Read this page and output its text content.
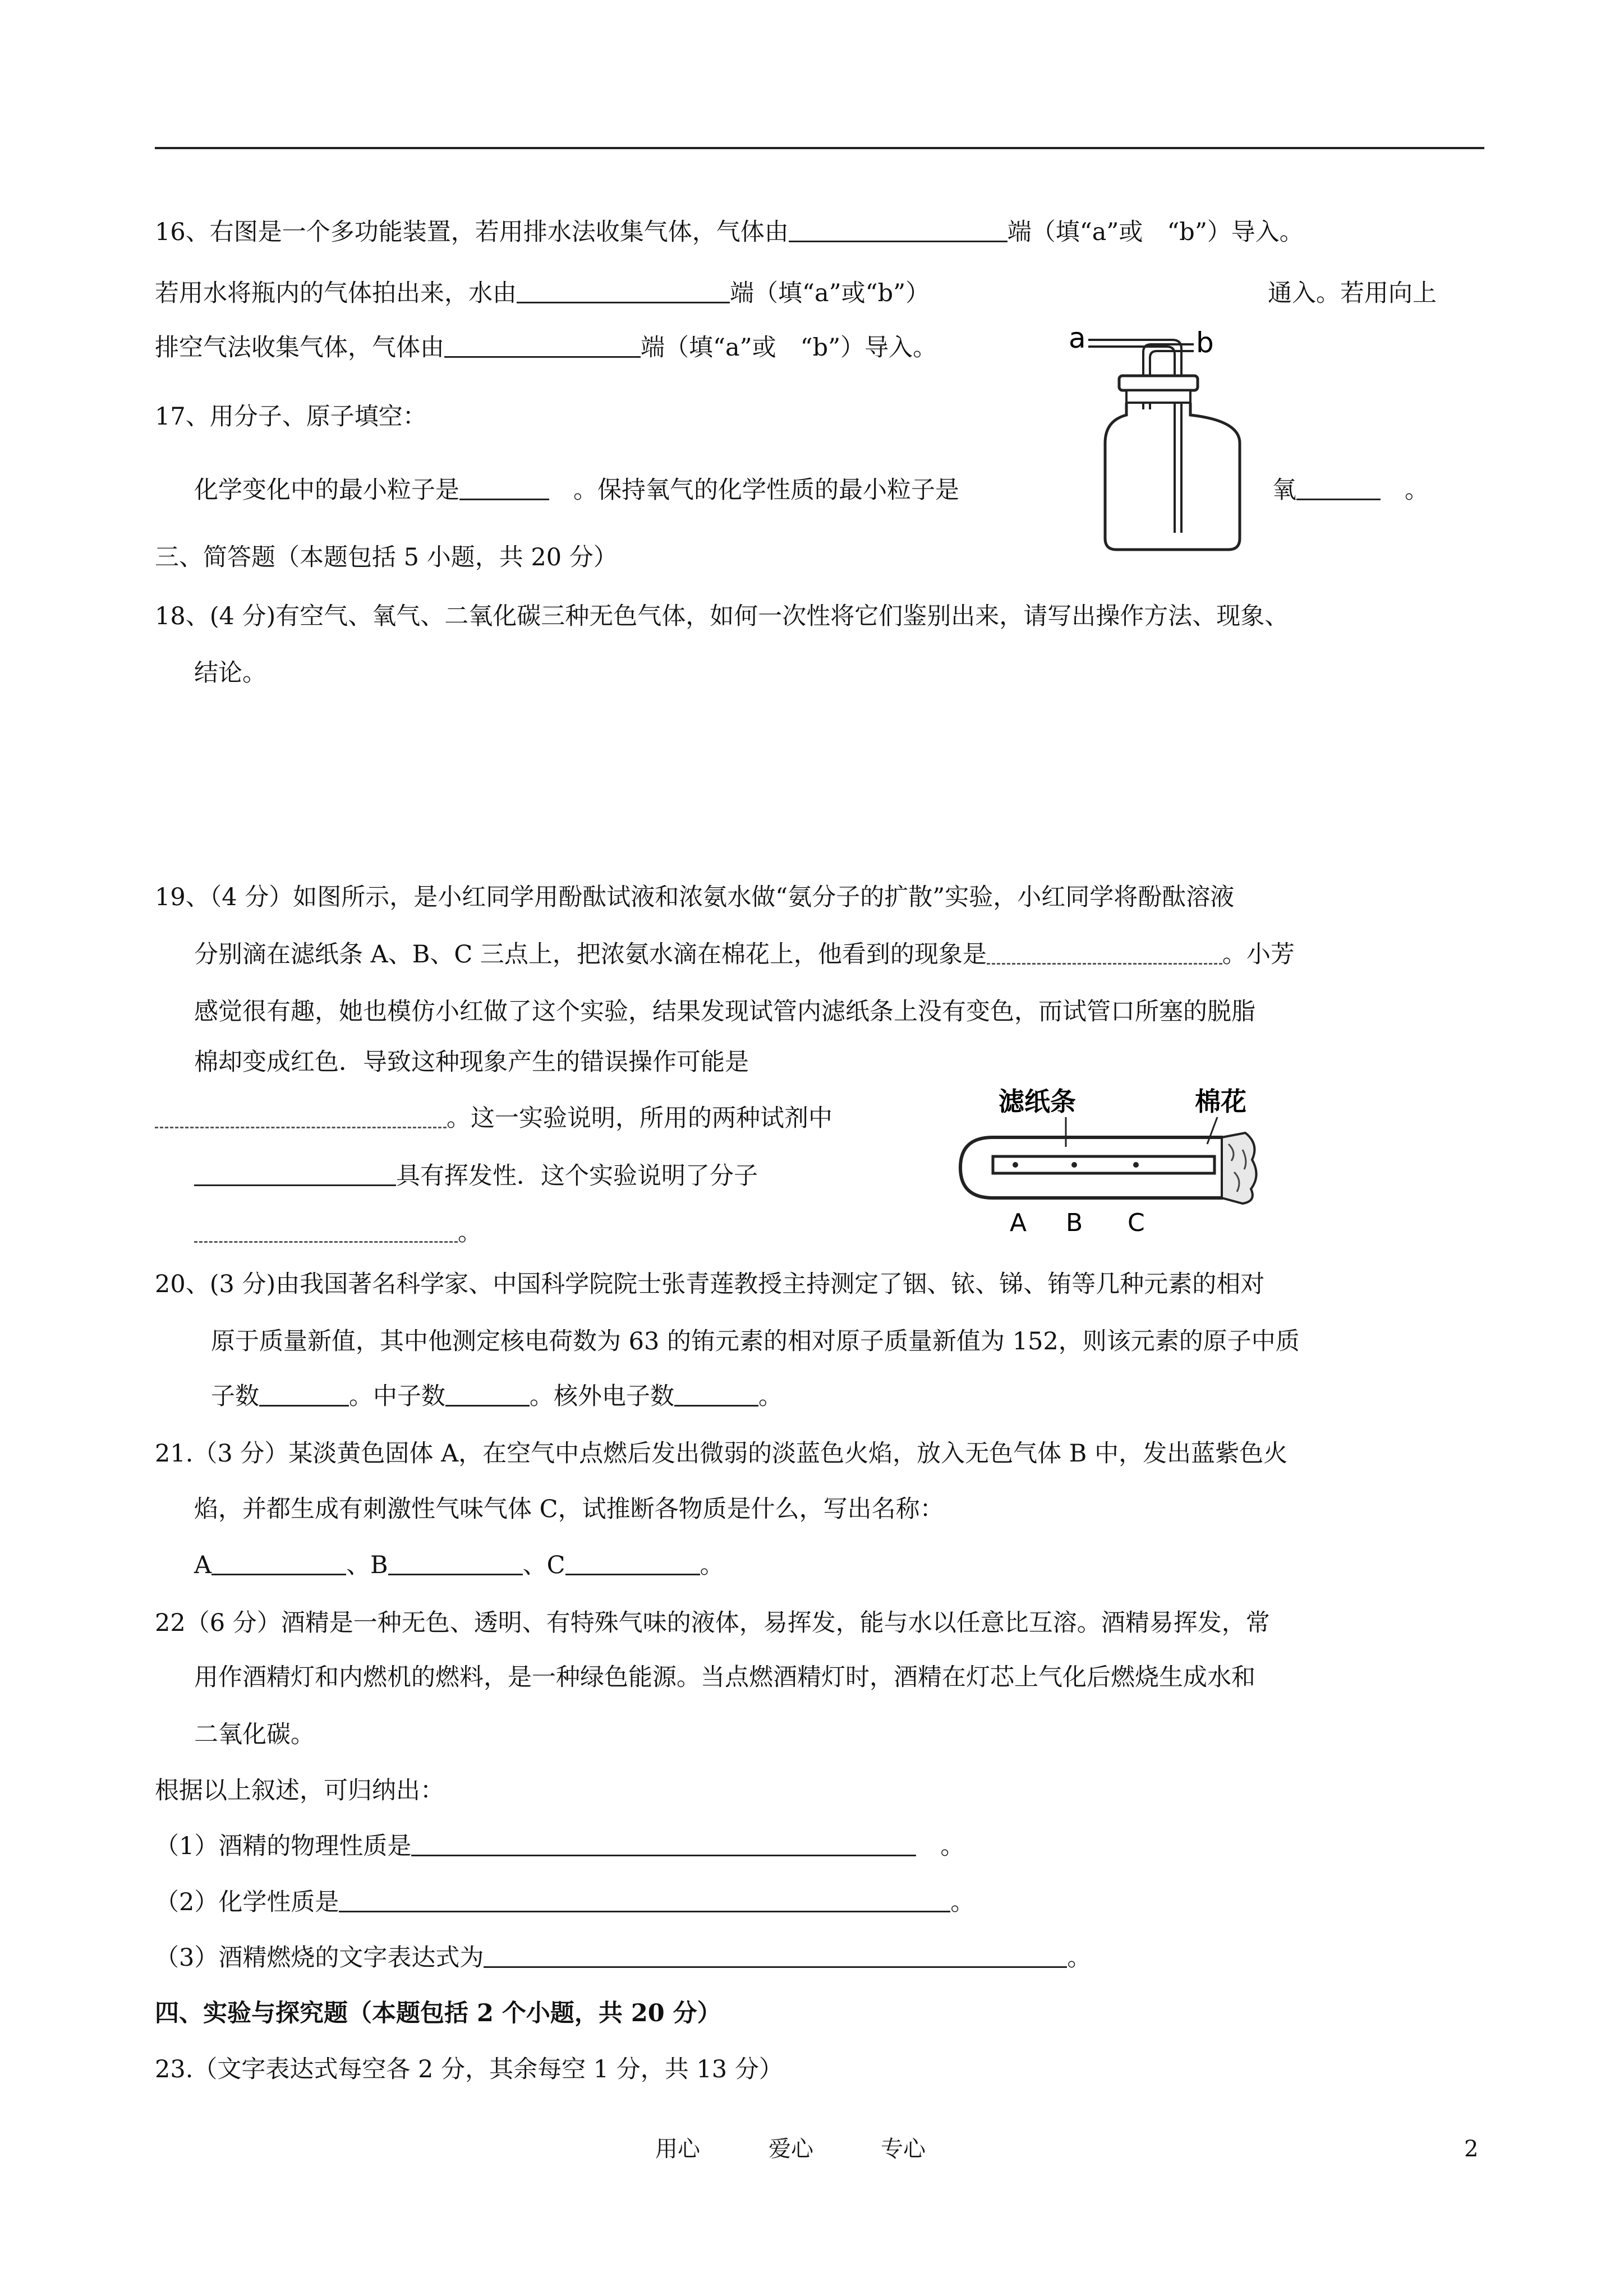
16、右图是一个多功能装置，若用排水法收集气体，气体由	端（填“a”或　“b”）导入。
若用水将瓶内的气体拍出来，水由	端（填“a”或“b”）	通入。若用向上
排空气法收集气体，气体由	端（填“a”或　“b”）导入。	a	b
17、用分子、原子填空：
化学变化中的最小粒子是　	。保持氧气的化学性质的最小粒子是	氧　	。
三、简答题（本题包括 5 小题，共 20 分）
18、(4 分)有空气、氧气、二氧化碳三种无色气体，如何一次性将它们鉴别出来，请写出操作方法、现象、
结论。
19、（4 分）如图所示，是小红同学用酚酞试液和浓氨水做“氨分子的扩散”实验，小红同学将酚酞溶液
分别滴在滤纸条 A、B、C 三点上，把浓氨水滴在棉花上，他看到的现象是	。小芳
感觉很有趣，她也模仿小红做了这个实验，结果发现试管内滤纸条上没有变色，而试管口所塞的脱脂
棉却变成红色．导致这种现象产生的错误操作可能是
。这一实验说明，所用的两种试剂中
具有挥发性．这个实验说明了分子
。
滤纸条	棉花
A B C
20、(3 分)由我国著名科学家、中国科学院院士张青莲教授主持测定了铟、铱、锑、铕等几种元素的相对
原于质量新值，其中他测定核电荷数为 63 的铕元素的相对原子质量新值为 152，则该元素的原子中质
子数	。中子数	。核外电子数	。
21.（3 分）某淡黄色固体 A，在空气中点燃后发出微弱的淡蓝色火焰，放入无色气体 B 中，发出蓝紫色火
焰，并都生成有刺激性气味气体 C，试推断各物质是什么，写出名称：
A	、B	、C	。
22（6 分）酒精是一种无色、透明、有特殊气味的液体，易挥发，能与水以任意比互溶。酒精易挥发，常
用作酒精灯和内燃机的燃料，是一种绿色能源。当点燃酒精灯时，酒精在灯芯上气化后燃烧生成水和
二氧化碳。
根据以上叙述，可归纳出：
（1）酒精的物理性质是　	。
（2）化学性质是	。
（3）酒精燃烧的文字表达式为	。
四、实验与探究题（本题包括 2 个小题，共 20 分）
23.（文字表达式每空各 2 分，其余每空 1 分，共 13 分）
用心	爱心	专心	2
